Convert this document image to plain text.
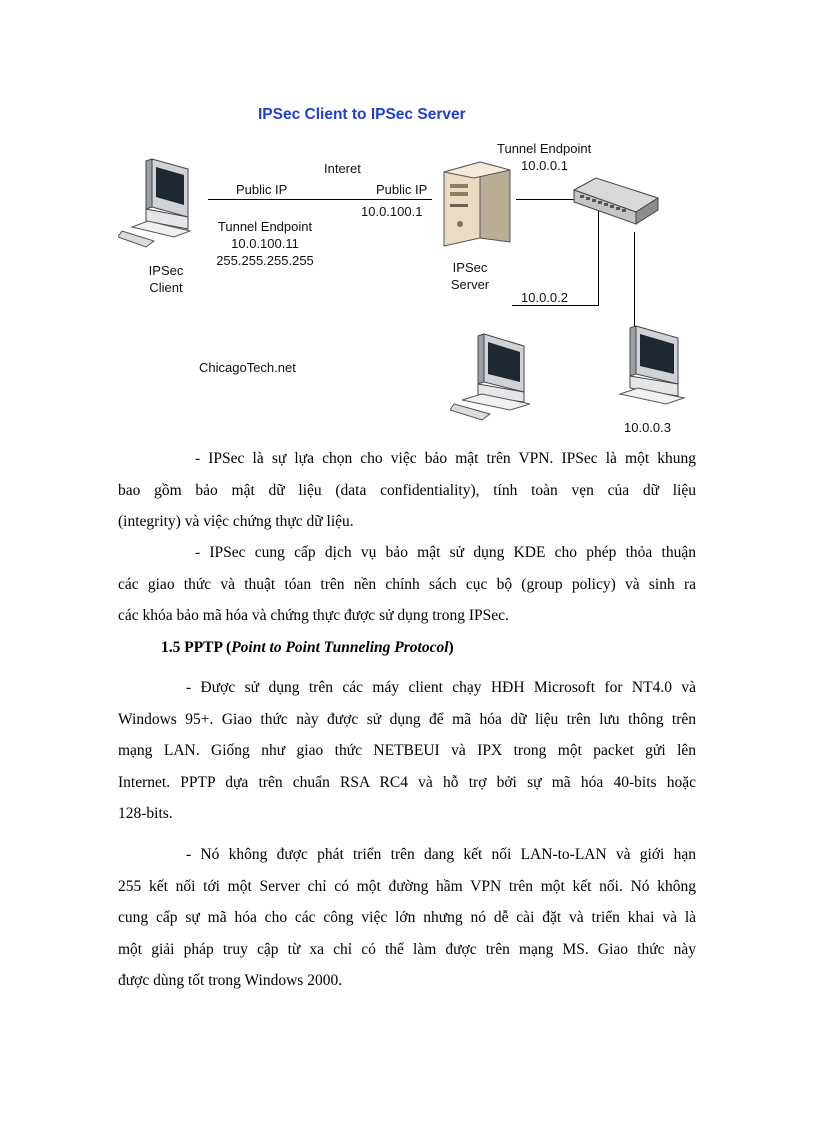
IPSec Client to IPSec Server
Interet
Public IP	Public IP
10.0.100.1
Tunnel Endpoint
10.0.0.1
Tunnel Endpoint
10.0.100.11
255.255.255.255
IPSec
Client
IPSec
Server
10.0.0.2
10.0.0.3
ChicagoTech.net
- IPSec là sự lựa chọn cho việc bảo mật trên VPN. IPSec là một khung
bao gồm bảo mật dữ liệu (data confidentiality), tính toàn vẹn của dữ liệu
(integrity) và việc chứng thực dữ liệu.
- IPSec cung cấp dịch vụ bảo mật sử dụng KDE cho phép thỏa thuận
các giao thức và thuật tóan trên nền chính sách cục bộ (group policy) và sinh ra
các khóa bảo mã hóa và chứng thực được sử dụng trong IPSec.
1.5 PPTP (Point to Point Tunneling Protocol)
- Được sử dụng trên các máy client chạy HĐH Microsoft for NT4.0 và
Windows 95+. Giao thức này được sử dụng để mã hóa dữ liệu trên lưu thông trên
mạng LAN. Giống như giao thức NETBEUI và IPX trong một packet gửi lên
Internet. PPTP dựa trên chuẩn RSA RC4 và hỗ trợ bởi sự mã hóa 40-bits hoặc
128-bits.
- Nó không được phát triển trên dang kết nối LAN-to-LAN và giới hạn
255 kết nối tới một Server chỉ có một đường hầm VPN trên một kết nối. Nó không
cung cấp sự mã hóa cho các công việc lớn nhưng nó dễ cài đặt và triển khai và là
một giải pháp truy cập từ xa chỉ có thể làm được trên mạng MS. Giao thức này
được dùng tốt trong Windows 2000.
